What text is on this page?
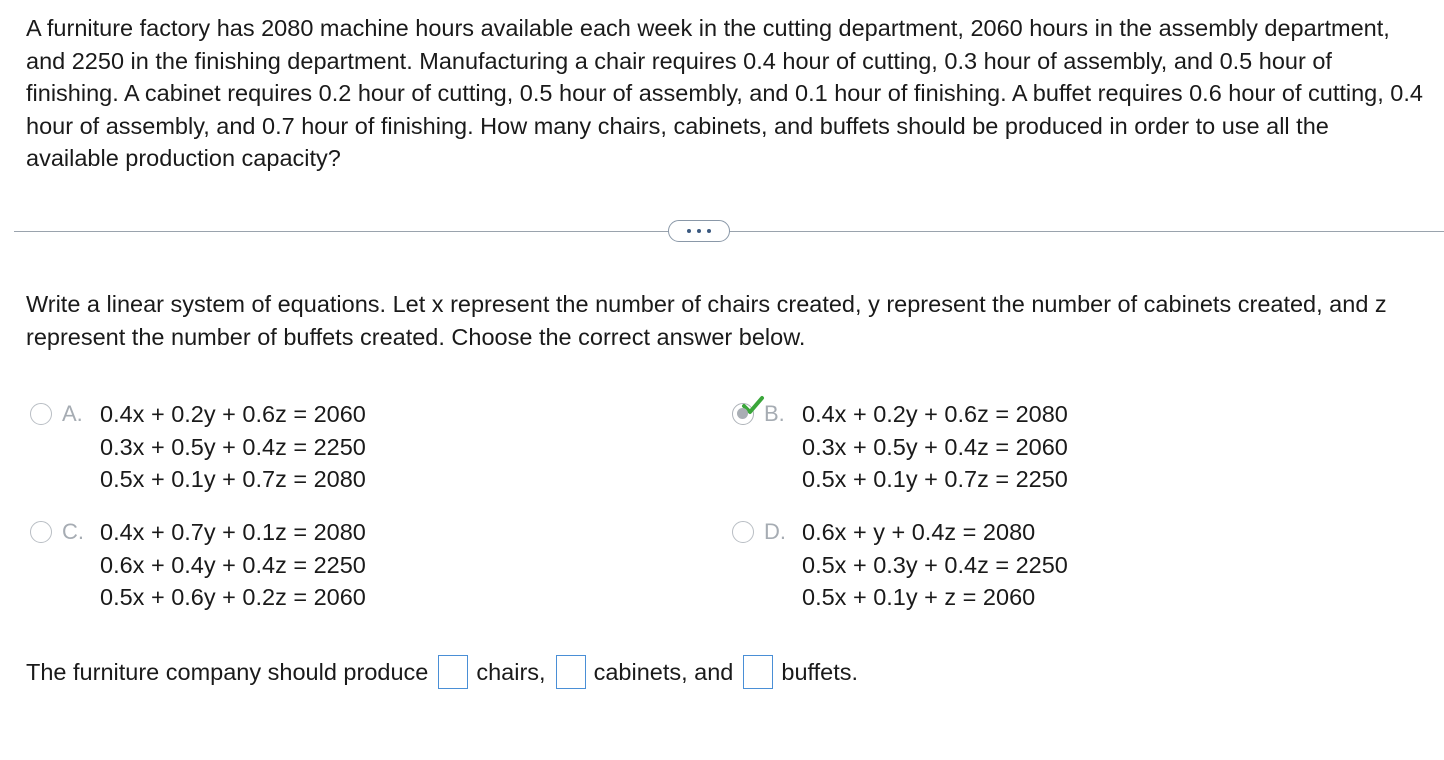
A furniture factory has 2080 machine hours available each week in the cutting department, 2060 hours in the assembly department, and 2250 in the finishing department. Manufacturing a chair requires 0.4 hour of cutting, 0.3 hour of assembly, and 0.5 hour of finishing. A cabinet requires 0.2 hour of cutting, 0.5 hour of assembly, and 0.1 hour of finishing. A buffet requires 0.6 hour of cutting, 0.4 hour of assembly, and 0.7 hour of finishing. How many chairs, cabinets, and buffets should be produced in order to use all the available production capacity?

Write a linear system of equations. Let x represent the number of chairs created, y represent the number of cabinets created, and z represent the number of buffets created. Choose the correct answer below.

A. 0.4x + 0.2y + 0.6z = 2060
0.3x + 0.5y + 0.4z = 2250
0.5x + 0.1y + 0.7z = 2080
B. 0.4x + 0.2y + 0.6z = 2080
0.3x + 0.5y + 0.4z = 2060
0.5x + 0.1y + 0.7z = 2250
C. 0.4x + 0.7y + 0.1z = 2080
0.6x + 0.4y + 0.4z = 2250
0.5x + 0.6y + 0.2z = 2060
D. 0.6x + y + 0.4z = 2080
0.5x + 0.3y + 0.4z = 2250
0.5x + 0.1y + z = 2060
The furniture company should produce chairs, cabinets, and buffets.
